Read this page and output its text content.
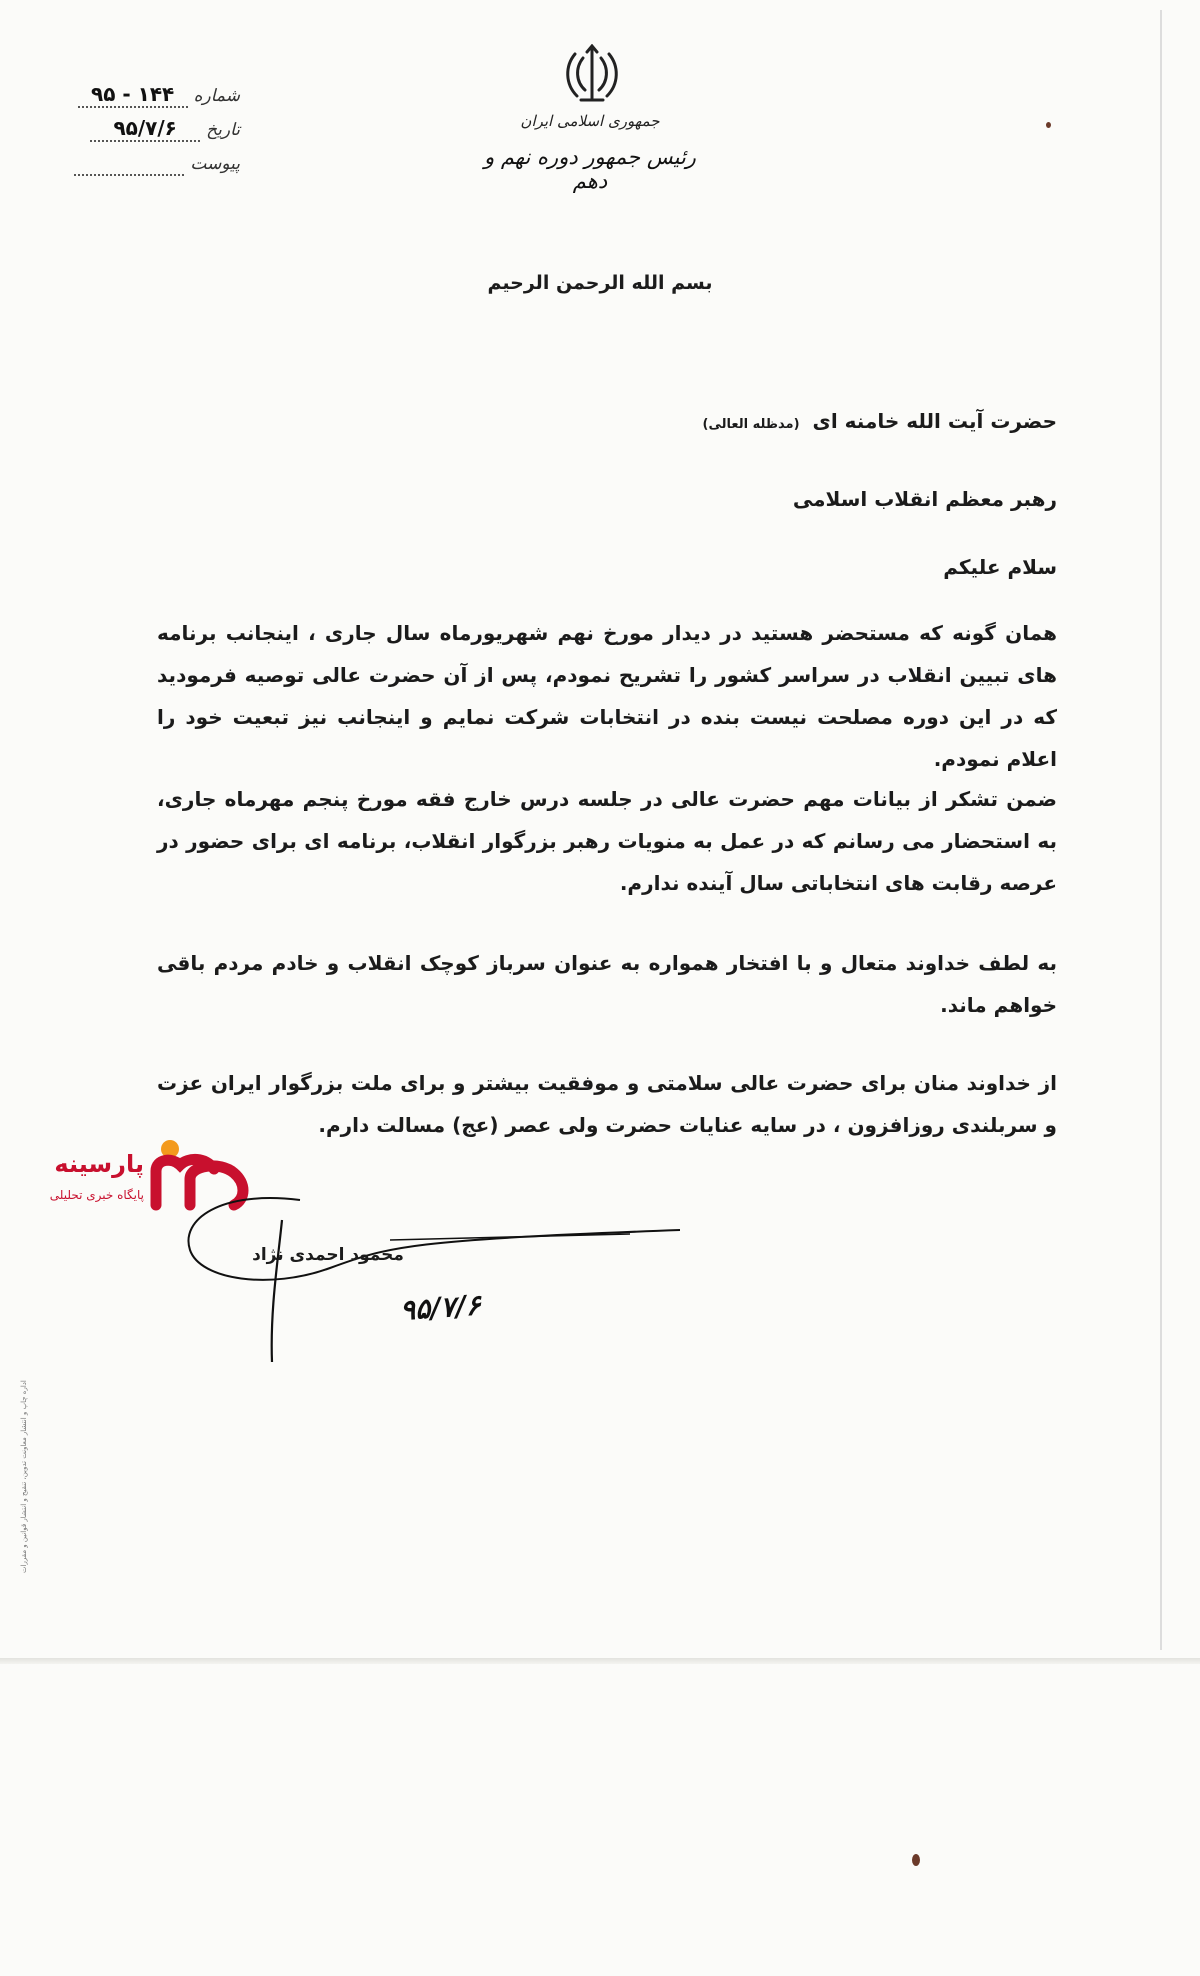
شماره
۹۵ - ۱۴۴
تاریخ
۹۵/۷/۶
پیوست

جمهوری اسلامی ایران
رئیس جمهور دوره نهم و دهم
بسم الله الرحمن الرحیم
حضرت آیت الله خامنه ای (مدظله العالی)
رهبر معظم انقلاب اسلامی
سلام علیکم
همان گونه که مستحضر هستید در دیدار مورخ نهم شهریورماه سال جاری ، اینجانب برنامه های تبیین انقلاب در سراسر کشور را تشریح نمودم، پس از آن حضرت عالی توصیه فرمودید که در این دوره مصلحت نیست بنده در انتخابات شرکت نمایم و اینجانب نیز تبعیت خود را اعلام نمودم.
ضمن تشکر از بیانات مهم حضرت عالی در جلسه درس خارج فقه مورخ پنجم مهرماه جاری، به استحضار می رسانم که در عمل به منویات رهبر بزرگوار انقلاب، برنامه ای برای حضور در عرصه رقابت های انتخاباتی سال آینده ندارم.
به لطف خداوند متعال و با افتخار همواره به عنوان سرباز کوچک انقلاب و خادم مردم باقی خواهم ماند.
از خداوند منان برای حضرت عالی سلامتی و موفقیت بیشتر و برای ملت بزرگوار ایران عزت و سربلندی روزافزون ، در سایه عنایات حضرت ولی عصر (عج) مسالت دارم.
پارسینه
پایگاه خبری تحلیلی
محمود احمدی نژاد
۹۵/۷/۶
اداره چاپ و انتشار معاونت تدوین، تنقیح و انتشار قوانین و مقررات
